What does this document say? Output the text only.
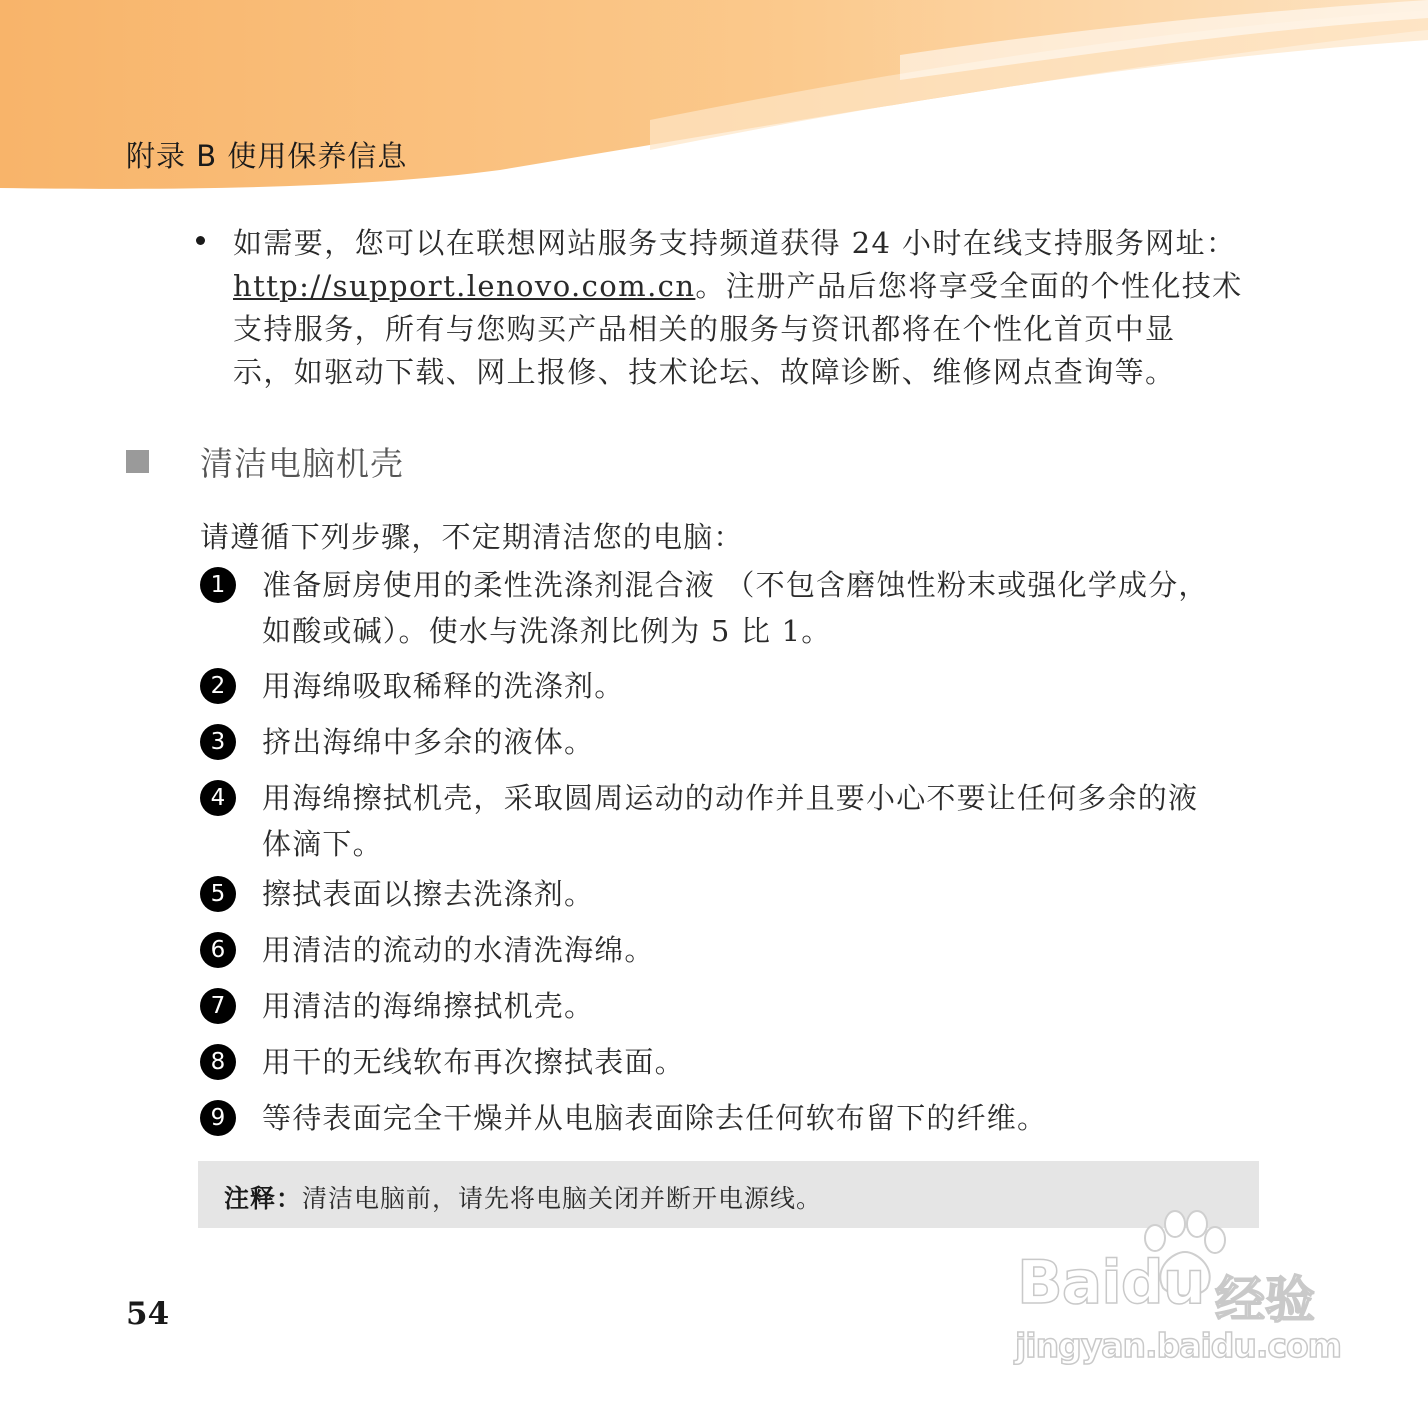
附录 B 使用保养信息
如需要，您可以在联想网站服务支持频道获得 24 小时在线支持服务网址：
http://support.lenovo.com.cn。注册产品后您将享受全面的个性化技术
支持服务，所有与您购买产品相关的服务与资讯都将在个性化首页中显
示，如驱动下载、网上报修、技术论坛、故障诊断、维修网点查询等。
清洁电脑机壳
请遵循下列步骤，不定期清洁您的电脑：
1	准备厨房使用的柔性洗涤剂混合液 （不包含磨蚀性粉末或强化学成分，
如酸或碱）。使水与洗涤剂比例为 5 比 1。
2	用海绵吸取稀释的洗涤剂。
3	挤出海绵中多余的液体。
4	用海绵擦拭机壳，采取圆周运动的动作并且要小心不要让任何多余的液
体滴下。
5	擦拭表面以擦去洗涤剂。
6	用清洁的流动的水清洗海绵。
7	用清洁的海绵擦拭机壳。
8	用干的无线软布再次擦拭表面。
9	等待表面完全干燥并从电脑表面除去任何软布留下的纤维。
注释：清洁电脑前，请先将电脑关闭并断开电源线。
54	Baidu 经验
jingyan.baidu.com
